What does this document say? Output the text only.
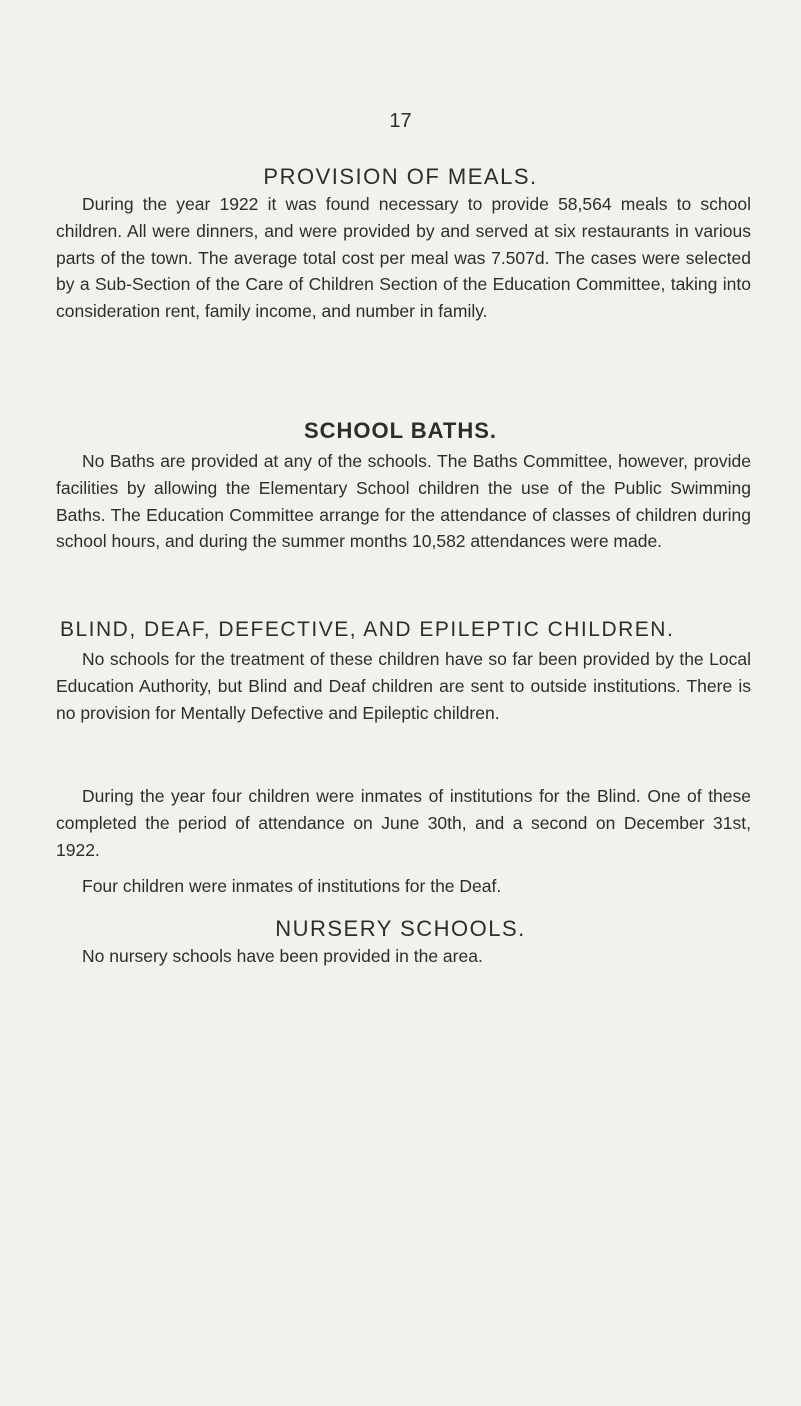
17
PROVISION OF MEALS.

During the year 1922 it was found necessary to provide 58,564 meals to school children. All were dinners, and were provided by and served at six restaurants in various parts of the town. The average total cost per meal was 7.507d. The cases were selected by a Sub-Section of the Care of Children Section of the Education Committee, taking into consideration rent, family income, and number in family.

SCHOOL BATHS.

No Baths are provided at any of the schools. The Baths Committee, however, provide facilities by allowing the Elementary School children the use of the Public Swimming Baths. The Education Committee arrange for the attendance of classes of children during school hours, and during the summer months 10,582 attendances were made.

BLIND, DEAF, DEFECTIVE, AND EPILEPTIC CHILDREN.

No schools for the treatment of these children have so far been provided by the Local Education Authority, but Blind and Deaf children are sent to outside institutions. There is no provision for Mentally Defective and Epileptic children.

During the year four children were inmates of institutions for the Blind. One of these completed the period of attendance on June 30th, and a second on December 31st, 1922.

Four children were inmates of institutions for the Deaf.

NURSERY SCHOOLS.

No nursery schools have been provided in the area.
